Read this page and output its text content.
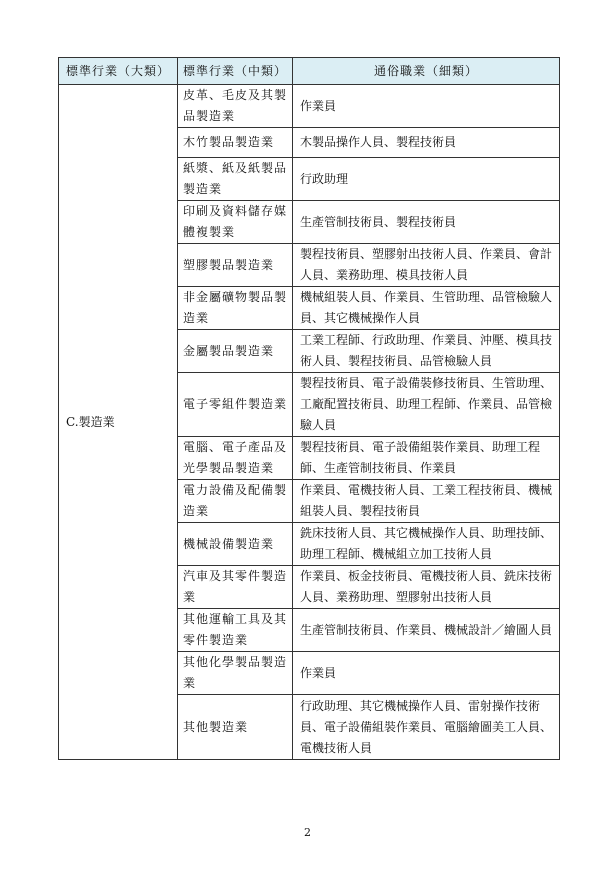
標準行業（大類）	標準行業（中類）	通俗職業（細類）
C.製造業	皮革、毛皮及其製品製造業	作業員
	木竹製品製造業	木製品操作人員、製程技術員
	紙漿、紙及紙製品製造業	行政助理
	印刷及資料儲存媒體複製業	生產管制技術員、製程技術員
	塑膠製品製造業	製程技術員、塑膠射出技術人員、作業員、會計人員、業務助理、模具技術人員
	非金屬礦物製品製造業	機械組裝人員、作業員、生管助理、品管檢驗人員、其它機械操作人員
	金屬製品製造業	工業工程師、行政助理、作業員、沖壓、模具技術人員、製程技術員、品管檢驗人員
	電子零組件製造業	製程技術員、電子設備裝修技術員、生管助理、工廠配置技術員、助理工程師、作業員、品管檢驗人員
	電腦、電子產品及光學製品製造業	製程技術員、電子設備組裝作業員、助理工程師、生產管制技術員、作業員
	電力設備及配備製造業	作業員、電機技術人員、工業工程技術員、機械組裝人員、製程技術員
	機械設備製造業	銑床技術人員、其它機械操作人員、助理技師、助理工程師、機械組立加工技術人員
	汽車及其零件製造業	作業員、板金技術員、電機技術人員、銑床技術人員、業務助理、塑膠射出技術人員
	其他運輸工具及其零件製造業	生產管制技術員、作業員、機械設計／繪圖人員
	其他化學製品製造業	作業員
	其他製造業	行政助理、其它機械操作人員、雷射操作技術員、電子設備組裝作業員、電腦繪圖美工人員、電機技術人員
2
